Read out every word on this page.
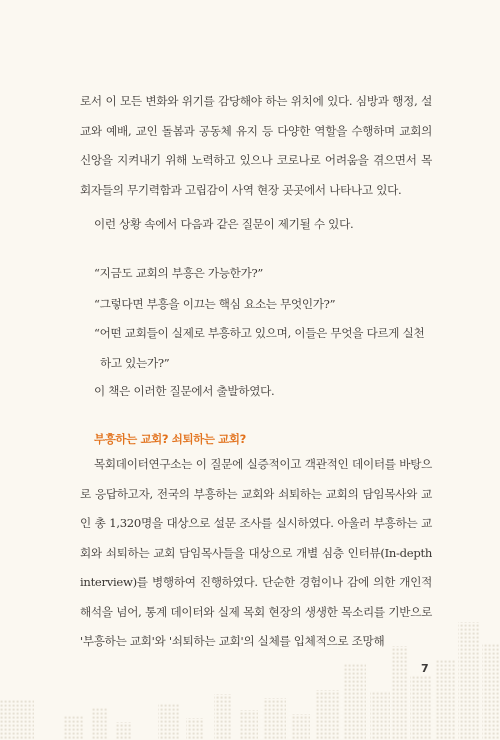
로서 이 모든 변화와 위기를 감당해야 하는 위치에 있다. 심방과 행정, 설교와 예배, 교인 돌봄과 공동체 유지 등 다양한 역할을 수행하며 교회의 신앙을 지켜내기 위해 노력하고 있으나 코로나로 어려움을 겪으면서 목회자들의 무기력함과 고립감이 사역 현장 곳곳에서 나타나고 있다.

이런 상황 속에서 다음과 같은 질문이 제기될 수 있다.

“지금도 교회의 부흥은 가능한가?”
“그렇다면 부흥을 이끄는 핵심 요소는 무엇인가?”
“어떤 교회들이 실제로 부흥하고 있으며, 이들은 무엇을 다르게 실천하고 있는가?”

이 책은 이러한 질문에서 출발하였다.

부흥하는 교회? 쇠퇴하는 교회?

목회데이터연구소는 이 질문에 실증적이고 객관적인 데이터를 바탕으로 응답하고자, 전국의 부흥하는 교회와 쇠퇴하는 교회의 담임목사와 교인 총 1,320명을 대상으로 설문 조사를 실시하였다. 아울러 부흥하는 교회와 쇠퇴하는 교회 담임목사들을 대상으로 개별 심층 인터뷰(In-depth interview)를 병행하여 진행하였다. 단순한 경험이나 감에 의한 개인적 해석을 넘어, 통계 데이터와 실제 목회 현장의 생생한 목소리를 기반으로 '부흥하는 교회'와 '쇠퇴하는 교회'의 실체를 입체적으로 조망해

7
